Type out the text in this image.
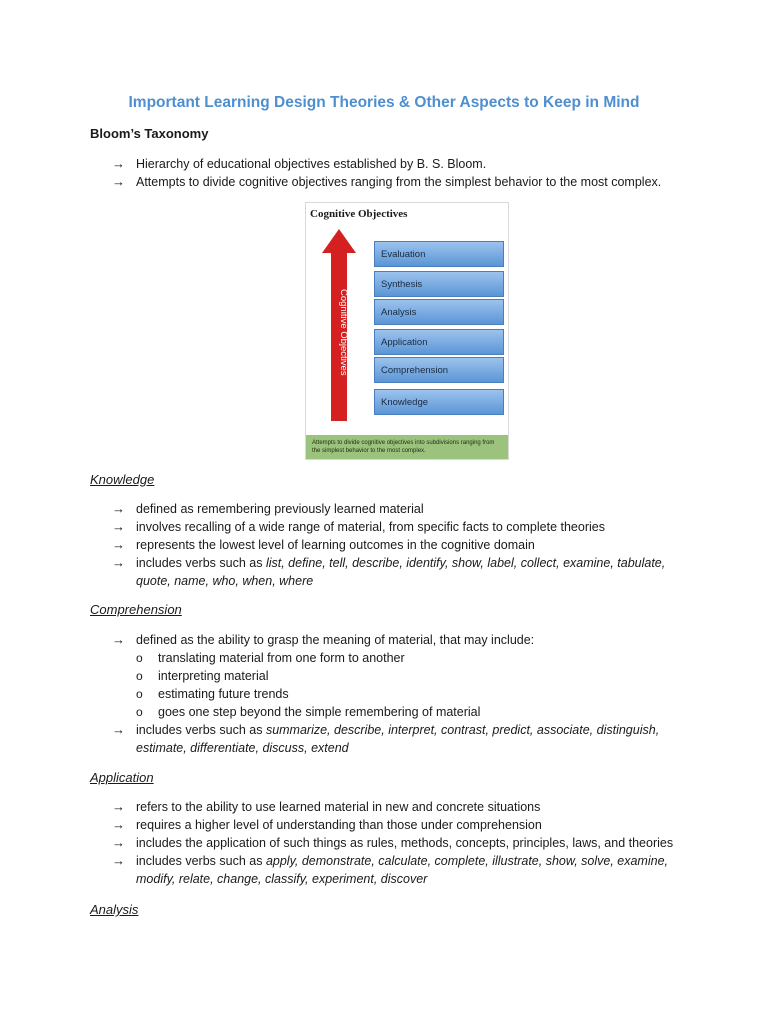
Important Learning Design Theories & Other Aspects to Keep in Mind
Bloom’s Taxonomy
→ Hierarchy of educational objectives established by B. S. Bloom.
→ Attempts to divide cognitive objectives ranging from the simplest behavior to the most complex.
Cognitive Objectives
Cognitive Objectives
Evaluation
Synthesis
Analysis
Application
Comprehension
Knowledge
Attempts to divide cognitive objectives into subdivisions ranging from the simplest behavior to the most complex.
Knowledge
→ defined as remembering previously learned material
→ involves recalling of a wide range of material, from specific facts to complete theories
→ represents the lowest level of learning outcomes in the cognitive domain
→ includes verbs such as list, define, tell, describe, identify, show, label, collect, examine, tabulate, quote, name, who, when, where
Comprehension
→ defined as the ability to grasp the meaning of material, that may include:
o translating material from one form to another
o interpreting material
o estimating future trends
o goes one step beyond the simple remembering of material
→ includes verbs such as summarize, describe, interpret, contrast, predict, associate, distinguish, estimate, differentiate, discuss, extend
Application
→ refers to the ability to use learned material in new and concrete situations
→ requires a higher level of understanding than those under comprehension
→ includes the application of such things as rules, methods, concepts, principles, laws, and theories
→ includes verbs such as apply, demonstrate, calculate, complete, illustrate, show, solve, examine, modify, relate, change, classify, experiment, discover
Analysis
